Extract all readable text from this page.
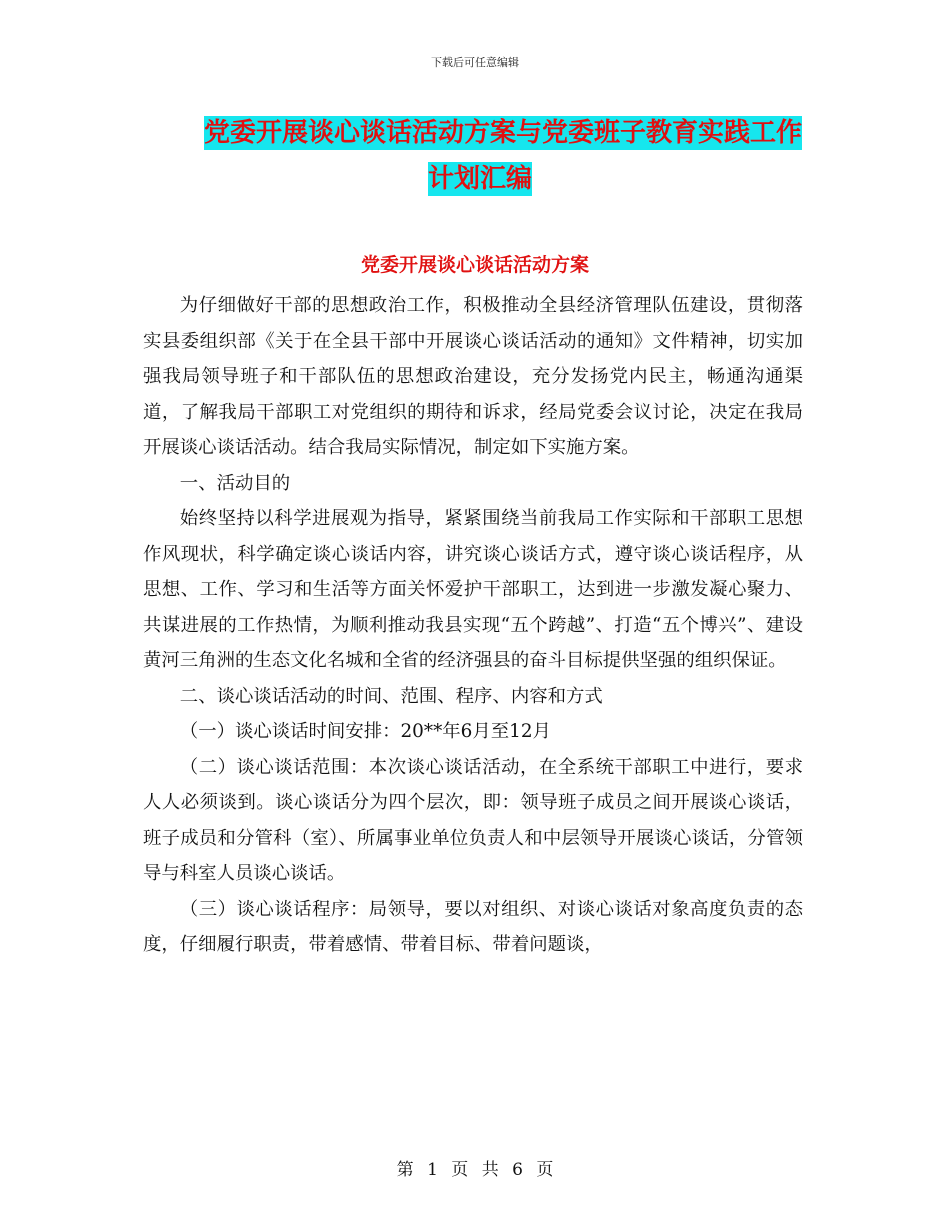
下载后可任意编辑
党委开展谈心谈话活动方案与党委班子教育实践工作
计划汇编
党委开展谈心谈话活动方案

为仔细做好干部的思想政治工作，积极推动全县经济管理队伍建设，贯彻落实县委组织部《关于在全县干部中开展谈心谈话活动的通知》文件精神，切实加强我局领导班子和干部队伍的思想政治建设，充分发扬党内民主，畅通沟通渠道，了解我局干部职工对党组织的期待和诉求，经局党委会议讨论，决定在我局开展谈心谈话活动。结合我局实际情况，制定如下实施方案。

一、活动目的

始终坚持以科学进展观为指导，紧紧围绕当前我局工作实际和干部职工思想作风现状，科学确定谈心谈话内容，讲究谈心谈话方式，遵守谈心谈话程序，从思想、工作、学习和生活等方面关怀爱护干部职工，达到进一步激发凝心聚力、共谋进展的工作热情，为顺利推动我县实现“五个跨越”、打造“五个博兴”、建设黄河三角洲的生态文化名城和全省的经济强县的奋斗目标提供坚强的组织保证。

二、谈心谈话活动的时间、范围、程序、内容和方式

（一）谈心谈话时间安排：20**年6月至12月

（二）谈心谈话范围：本次谈心谈话活动，在全系统干部职工中进行，要求人人必须谈到。谈心谈话分为四个层次，即：领导班子成员之间开展谈心谈话，班子成员和分管科（室）、所属事业单位负责人和中层领导开展谈心谈话，分管领导与科室人员谈心谈话。

（三）谈心谈话程序：局领导，要以对组织、对谈心谈话对象高度负责的态度，仔细履行职责，带着感情、带着目标、带着问题谈，

第 1 页 共 6 页
